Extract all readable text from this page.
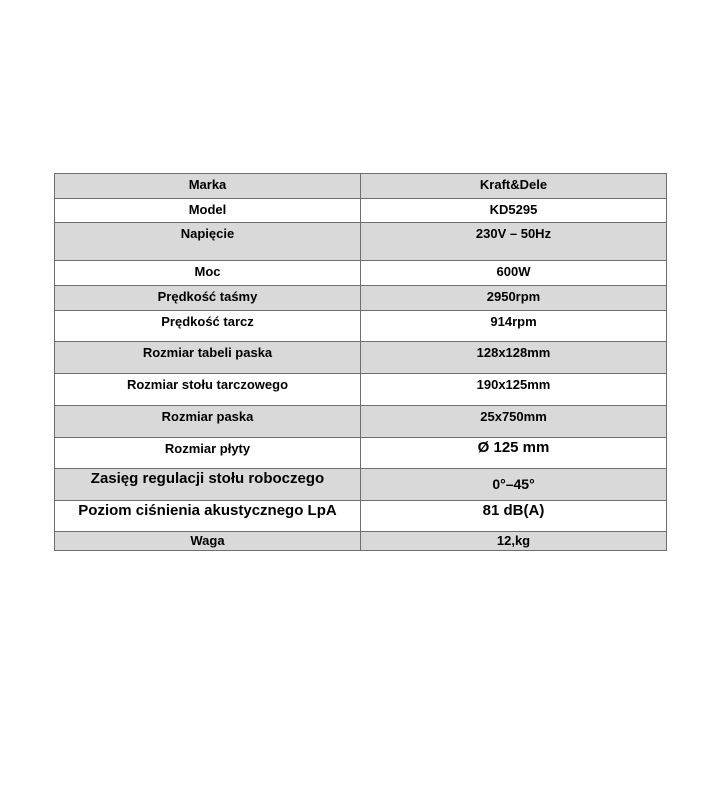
Marka	Kraft&Dele

Model	KD5295

Napięcie	230V – 50Hz

Moc	600W

Prędkość taśmy	2950rpm

Prędkość tarcz	914rpm

Rozmiar tabeli paska	128x128mm

Rozmiar stołu tarczowego	190x125mm

Rozmiar paska	25x750mm

Rozmiar płyty	Ø 125 mm

Zasięg regulacji stołu roboczego	0°–45°

Poziom ciśnienia akustycznego LpA	81 dB(A)

Waga	12,kg
